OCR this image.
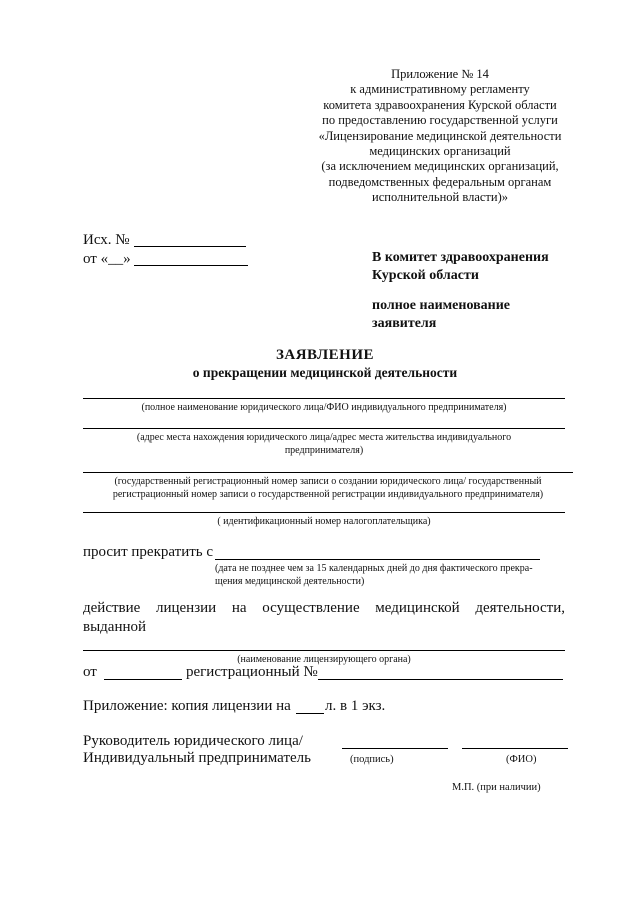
Приложение № 14
к административному регламенту
комитета здравоохранения Курской области
по предоставлению государственной услуги
«Лицензирование медицинской деятельности
медицинских организаций
(за исключением медицинских организаций,
подведомственных федеральным органам
исполнительной власти)»
Исх. №
от «__»	В комитет здравоохранения
Курской области
полное наименование
заявителя
ЗАЯВЛЕНИЕ
о прекращении медицинской деятельности
(полное наименование юридического лица/ФИО индивидуального предпринимателя)
(адрес места нахождения юридического лица/адрес места жительства индивидуального
предпринимателя)
(государственный регистрационный номер записи о создании юридического лица/ государственный
регистрационный номер записи о государственной регистрации индивидуального предпринимателя)
( идентификационный номер налогоплательщика)
просит прекратить с
(дата не позднее чем за 15 календарных дней до дня фактического прекра-
щения медицинской деятельности)
действие лицензии на осуществление медицинской деятельности,
выданной
(наименование лицензирующего органа)
от	регистрационный №
Приложение: копия лицензии на л. в 1 экз.
Руководитель юридического лица/
Индивидуальный предприниматель	(подпись)	(ФИО)
М.П. (при наличии)
